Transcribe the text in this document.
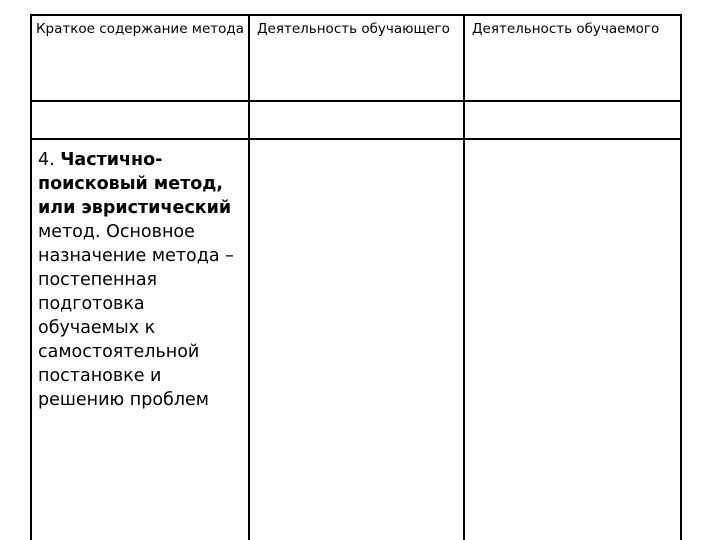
Краткое содержание метода	Деятельность обучающего	Деятельность обучаемого

4. Частично-поисковый метод, или эвристический метод. Основное назначение метода – постепенная подготовка обучаемых к самостоятельной постановке и решению проблем		
